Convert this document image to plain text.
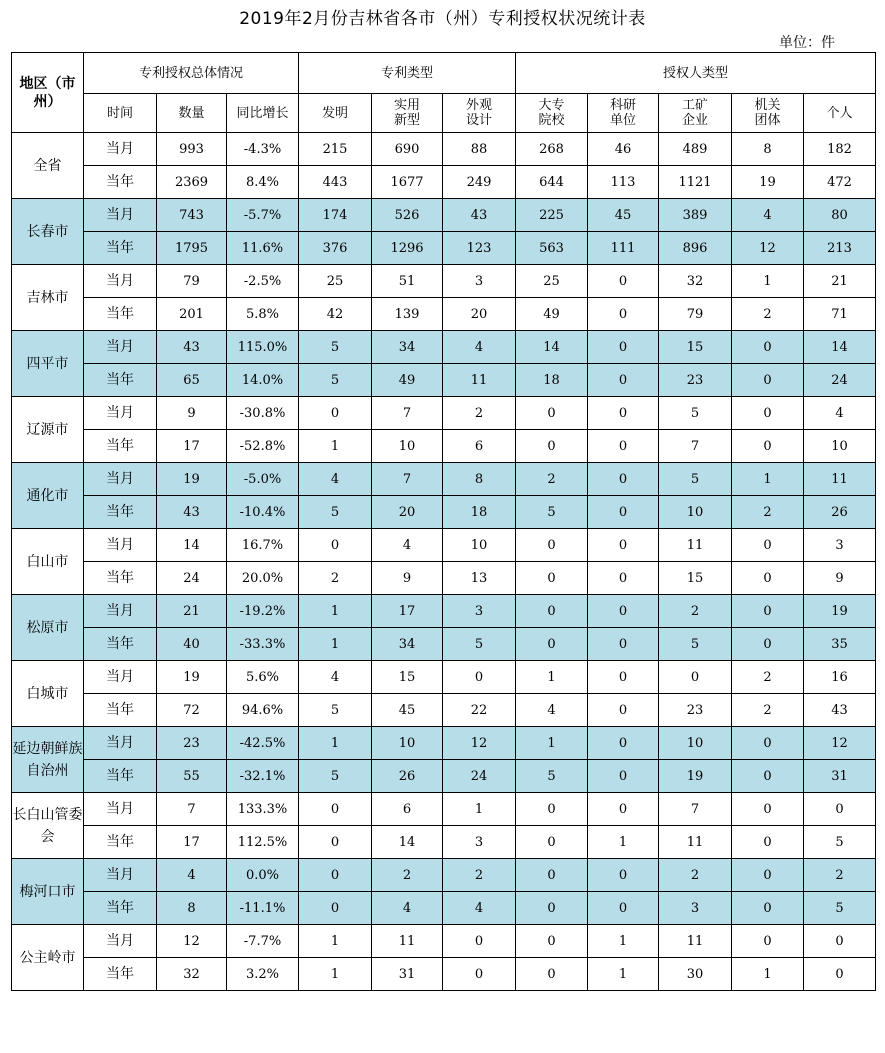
2019年2月份吉林省各市（州）专利授权状况统计表
单位：件
地区（市州）	专利授权总体情况			专利类型			授权人类型				
	时间	数量	同比增长	发明	实用新型	外观设计	大专院校	科研单位	工矿企业	机关团体	个人
全省	当月	993	-4.3%	215	690	88	268	46	489	8	182
	当年	2369	8.4%	443	1677	249	644	113	1121	19	472
长春市	当月	743	-5.7%	174	526	43	225	45	389	4	80
	当年	1795	11.6%	376	1296	123	563	111	896	12	213
吉林市	当月	79	-2.5%	25	51	3	25	0	32	1	21
	当年	201	5.8%	42	139	20	49	0	79	2	71
四平市	当月	43	115.0%	5	34	4	14	0	15	0	14
	当年	65	14.0%	5	49	11	18	0	23	0	24
辽源市	当月	9	-30.8%	0	7	2	0	0	5	0	4
	当年	17	-52.8%	1	10	6	0	0	7	0	10
通化市	当月	19	-5.0%	4	7	8	2	0	5	1	11
	当年	43	-10.4%	5	20	18	5	0	10	2	26
白山市	当月	14	16.7%	0	4	10	0	0	11	0	3
	当年	24	20.0%	2	9	13	0	0	15	0	9
松原市	当月	21	-19.2%	1	17	3	0	0	2	0	19
	当年	40	-33.3%	1	34	5	0	0	5	0	35
白城市	当月	19	5.6%	4	15	0	1	0	0	2	16
	当年	72	94.6%	5	45	22	4	0	23	2	43
延边朝鲜族自治州	当月	23	-42.5%	1	10	12	1	0	10	0	12
	当年	55	-32.1%	5	26	24	5	0	19	0	31
长白山管委会	当月	7	133.3%	0	6	1	0	0	7	0	0
	当年	17	112.5%	0	14	3	0	1	11	0	5
梅河口市	当月	4	0.0%	0	2	2	0	0	2	0	2
	当年	8	-11.1%	0	4	4	0	0	3	0	5
公主岭市	当月	12	-7.7%	1	11	0	0	1	11	0	0
	当年	32	3.2%	1	31	0	0	1	30	1	0
